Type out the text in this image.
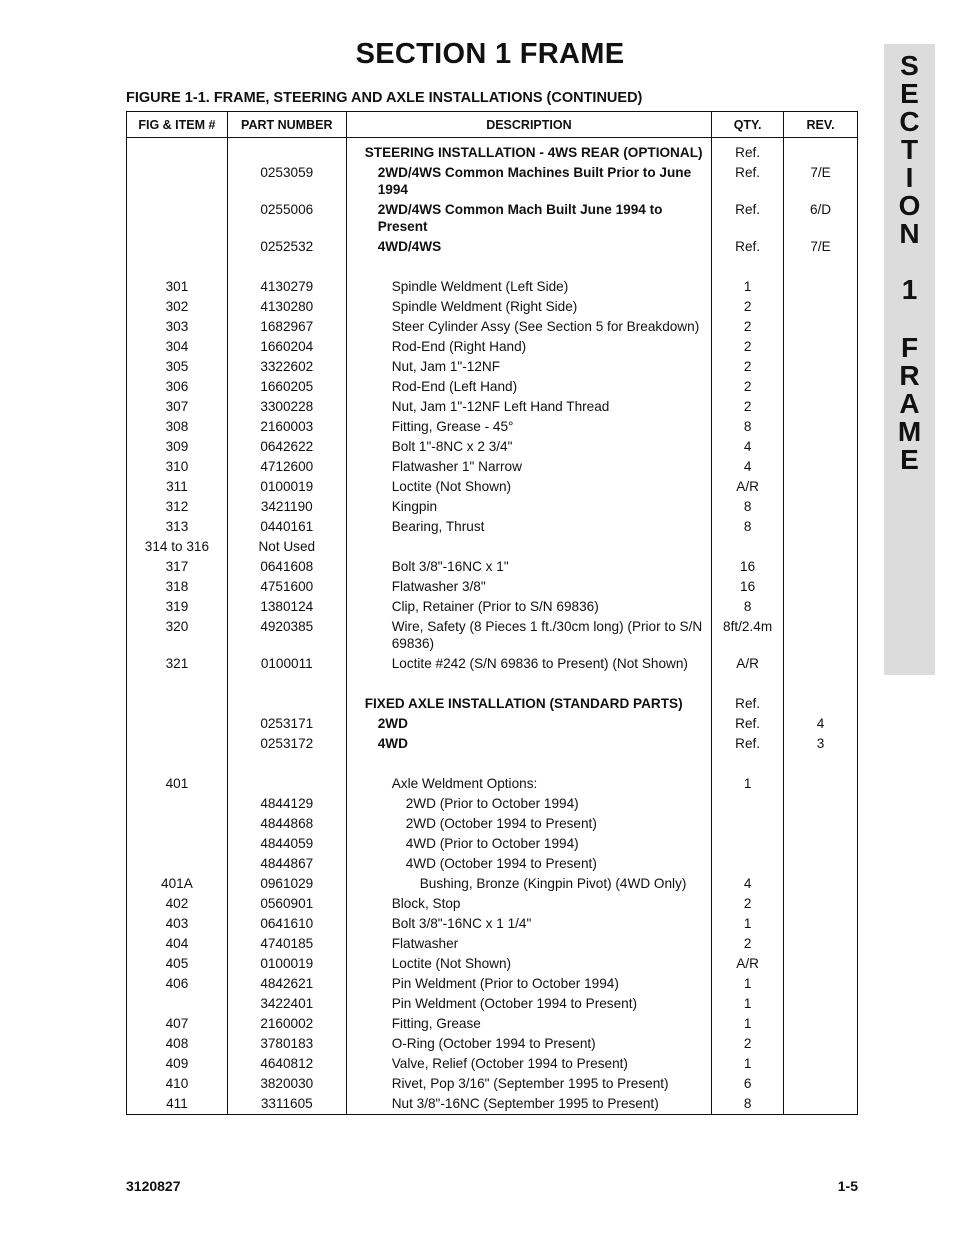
SECTION 1 FRAME
FIGURE 1-1. FRAME, STEERING AND AXLE INSTALLATIONS (CONTINUED)
S
E
C
T
I
O
N
1
F
R
A
M
E
FIG & ITEM #	PART NUMBER	DESCRIPTION	QTY.	REV.
		STEERING INSTALLATION - 4WS REAR (OPTIONAL)	Ref.	
	0253059	2WD/4WS Common Machines Built Prior to June 1994	Ref.	7/E
	0255006	2WD/4WS Common Mach Built June 1994 to Present	Ref.	6/D
	0252532	4WD/4WS	Ref.	7/E

301	4130279	Spindle Weldment (Left Side)	1	
302	4130280	Spindle Weldment (Right Side)	2	
303	1682967	Steer Cylinder Assy (See Section 5 for Breakdown)	2	
304	1660204	Rod-End (Right Hand)	2	
305	3322602	Nut, Jam 1"-12NF	2	
306	1660205	Rod-End (Left Hand)	2	
307	3300228	Nut, Jam 1"-12NF Left Hand Thread	2	
308	2160003	Fitting, Grease - 45°	8	
309	0642622	Bolt 1"-8NC x 2 3/4"	4	
310	4712600	Flatwasher 1" Narrow	4	
311	0100019	Loctite (Not Shown)	A/R	
312	3421190	Kingpin	8	
313	0440161	Bearing, Thrust	8	
314 to 316	Not Used			
317	0641608	Bolt 3/8"-16NC x 1"	16	
318	4751600	Flatwasher 3/8"	16	
319	1380124	Clip, Retainer (Prior to S/N 69836)	8	
320	4920385	Wire, Safety (8 Pieces 1 ft./30cm long) (Prior to S/N 69836)	8ft/2.4m	
321	0100011	Loctite #242 (S/N 69836 to Present) (Not Shown)	A/R	

		FIXED AXLE INSTALLATION (STANDARD PARTS)	Ref.	
	0253171	2WD	Ref.	4
	0253172	4WD	Ref.	3

401		Axle Weldment Options:	1	
	4844129	2WD (Prior to October 1994)		
	4844868	2WD (October 1994 to Present)		
	4844059	4WD (Prior to October 1994)		
	4844867	4WD (October 1994 to Present)		
401A	0961029	Bushing, Bronze (Kingpin Pivot) (4WD Only)	4	
402	0560901	Block, Stop	2	
403	0641610	Bolt 3/8"-16NC x 1 1/4"	1	
404	4740185	Flatwasher	2	
405	0100019	Loctite (Not Shown)	A/R	
406	4842621	Pin Weldment (Prior to October 1994)	1	
	3422401	Pin Weldment (October 1994 to Present)	1	
407	2160002	Fitting, Grease	1	
408	3780183	O-Ring (October 1994 to Present)	2	
409	4640812	Valve, Relief (October 1994 to Present)	1	
410	3820030	Rivet, Pop 3/16" (September 1995 to Present)	6	
411	3311605	Nut 3/8"-16NC (September 1995 to Present)	8	
3120827	1-5
